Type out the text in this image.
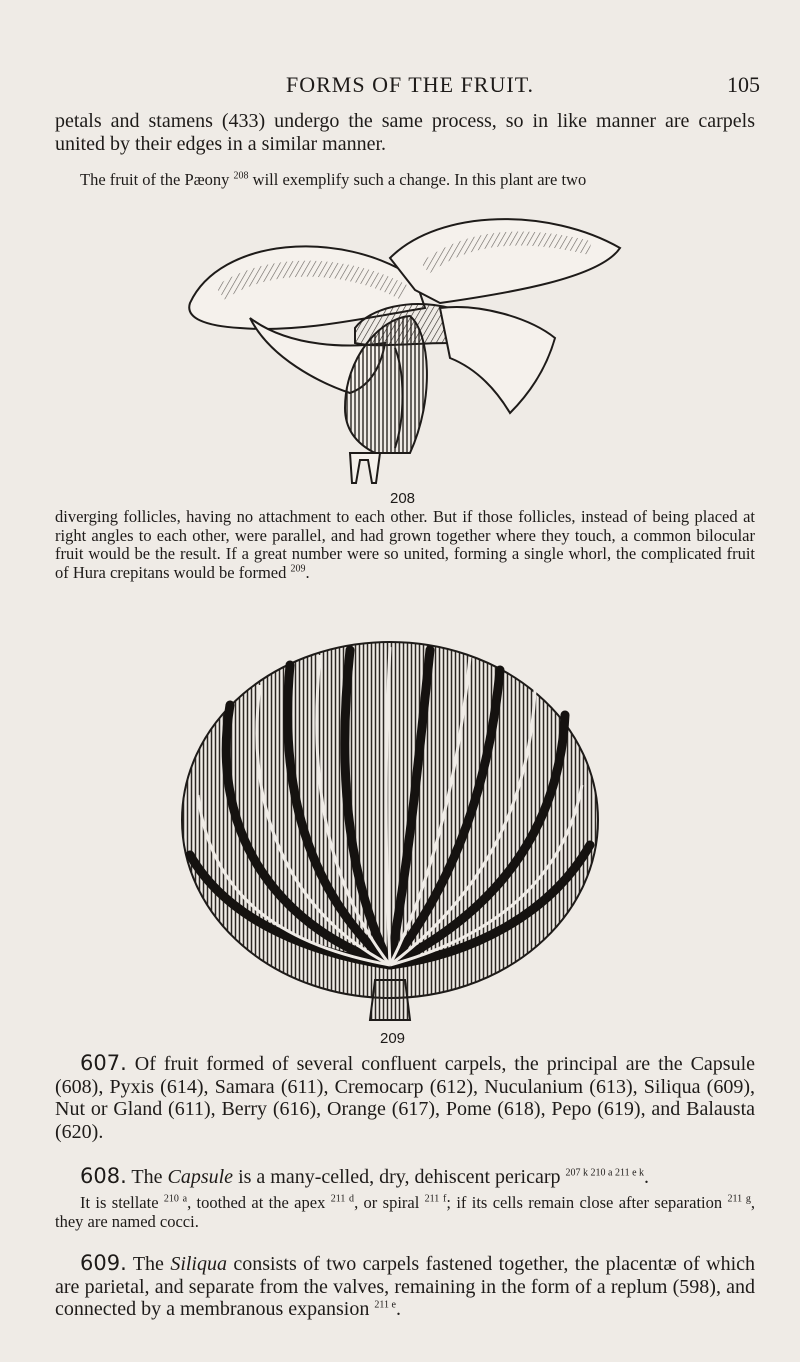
FORMS OF THE FRUIT.	105
petals and stamens (433) undergo the same process, so in like manner are carpels united by their edges in a similar manner.
The fruit of the Pæony $^{208}$ will exemplify such a change. In this plant are two
208
diverging follicles, having no attachment to each other. But if those follicles, instead of being placed at right angles to each other, were parallel, and had grown together where they touch, a common bilocular fruit would be the result. If a great number were so united, forming a single whorl, the complicated fruit of Hura crepitans would be formed $^{209}$.
209
607. Of fruit formed of several confluent carpels, the principal are the Capsule (608), Pyxis (614), Samara (611), Cremocarp (612), Nuculanium (613), Siliqua (609), Nut or Gland (611), Berry (616), Orange (617), Pome (618), Pepo (619), and Balausta (620).
608. The Capsule is a many-celled, dry, dehiscent pericarp $^{207 k 210 a 211 e k}$.
It is stellate $^{210 a}$, toothed at the apex $^{211 d}$, or spiral $^{211 f}$; if its cells remain close after separation $^{211 g}$, they are named cocci.
609. The Siliqua consists of two carpels fastened together, the placentæ of which are parietal, and separate from the valves, remaining in the form of a replum (598), and connected by a membranous expansion $^{211 e}$.
